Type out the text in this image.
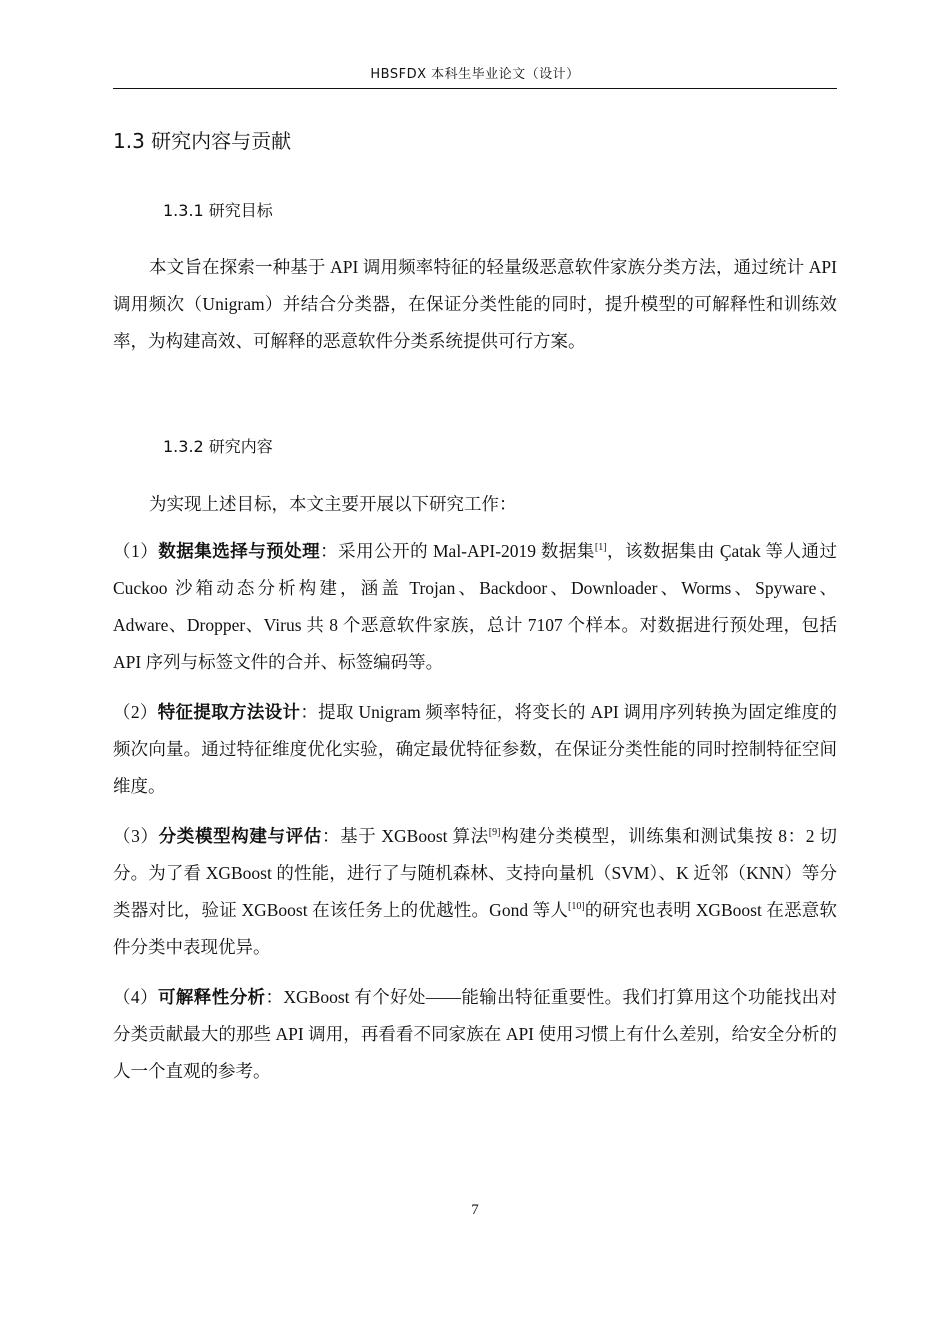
HBSFDX 本科生毕业论文（设计）
1.3 研究内容与贡献
1.3.1 研究目标

本文旨在探索一种基于 API 调用频率特征的轻量级恶意软件家族分类方法，通过统计 API 调用频次（Unigram）并结合分类器，在保证分类性能的同时，提升模型的可解释性和训练效率，为构建高效、可解释的恶意软件分类系统提供可行方案。

1.3.2 研究内容

为实现上述目标，本文主要开展以下研究工作：

（1）数据集选择与预处理：采用公开的 Mal-API-2019 数据集[1]，该数据集由 Çatak 等人通过 Cuckoo 沙箱动态分析构建，涵盖 Trojan、Backdoor、Downloader、Worms、Spyware、Adware、Dropper、Virus 共 8 个恶意软件家族，总计 7107 个样本。对数据进行预处理，包括 API 序列与标签文件的合并、标签编码等。

（2）特征提取方法设计：提取 Unigram 频率特征，将变长的 API 调用序列转换为固定维度的频次向量。通过特征维度优化实验，确定最优特征参数，在保证分类性能的同时控制特征空间维度。

（3）分类模型构建与评估：基于 XGBoost 算法[9]构建分类模型，训练集和测试集按 8：2 切分。为了看 XGBoost 的性能，进行了与随机森林、支持向量机（SVM）、K 近邻（KNN）等分类器对比，验证 XGBoost 在该任务上的优越性。Gond 等人[10]的研究也表明 XGBoost 在恶意软件分类中表现优异。

（4）可解释性分析：XGBoost 有个好处——能输出特征重要性。我们打算用这个功能找出对分类贡献最大的那些 API 调用，再看看不同家族在 API 使用习惯上有什么差别，给安全分析的人一个直观的参考。

7
